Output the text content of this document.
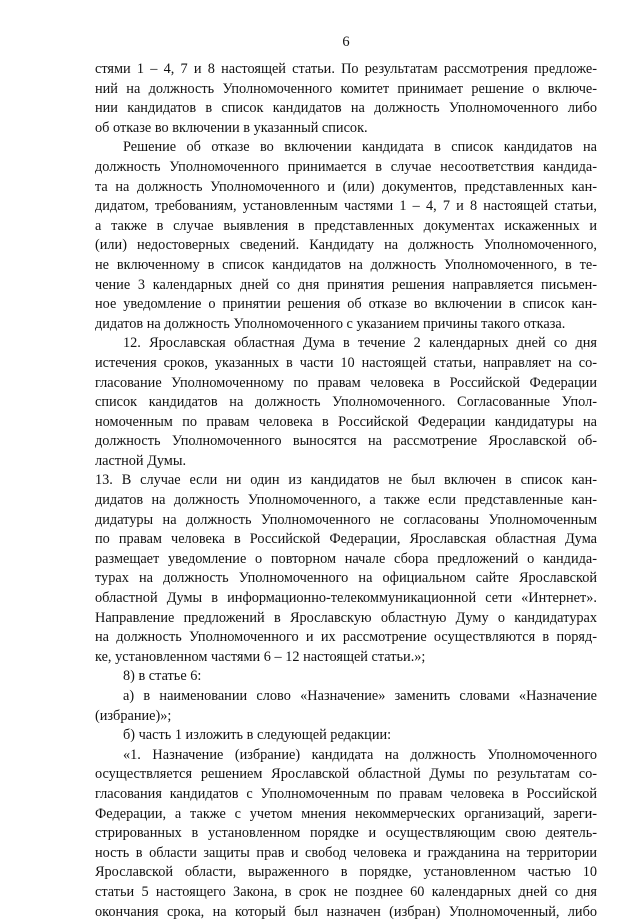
6
стями 1 – 4, 7 и 8 настоящей статьи. По результатам рассмотрения предложе-
ний на должность Уполномоченного комитет принимает решение о включе-
нии кандидатов в список кандидатов на должность Уполномоченного либо
об отказе во включении в указанный список.
Решение об отказе во включении кандидата в список кандидатов на
должность Уполномоченного принимается в случае несоответствия кандида-
та на должность Уполномоченного и (или) документов, представленных кан-
дидатом, требованиям, установленным частями 1 – 4, 7 и 8 настоящей статьи,
а также в случае выявления в представленных документах искаженных и
(или) недостоверных сведений. Кандидату на должность Уполномоченного,
не включенному в список кандидатов на должность Уполномоченного, в те-
чение 3 календарных дней со дня принятия решения направляется письмен-
ное уведомление о принятии решения об отказе во включении в список кан-
дидатов на должность Уполномоченного с указанием причины такого отказа.
12. Ярославская областная Дума в течение 2 календарных дней со дня
истечения сроков, указанных в части 10 настоящей статьи, направляет на со-
гласование Уполномоченному по правам человека в Российской Федерации
список кандидатов на должность Уполномоченного. Согласованные Упол-
номоченным по правам человека в Российской Федерации кандидатуры на
должность Уполномоченного выносятся на рассмотрение Ярославской об-
ластной Думы.
13. В случае если ни один из кандидатов не был включен в список кан-
дидатов на должность Уполномоченного, а также если представленные кан-
дидатуры на должность Уполномоченного не согласованы Уполномоченным
по правам человека в Российской Федерации, Ярославская областная Дума
размещает уведомление о повторном начале сбора предложений о кандида-
турах на должность Уполномоченного на официальном сайте Ярославской
областной Думы в информационно-телекоммуникационной сети «Интернет».
Направление предложений в Ярославскую областную Думу о кандидатурах
на должность Уполномоченного и их рассмотрение осуществляются в поряд-
ке, установленном частями 6 – 12 настоящей статьи.»;
8) в статье 6:
а) в наименовании слово «Назначение» заменить словами «Назначение
(избрание)»;
б) часть 1 изложить в следующей редакции:
«1. Назначение (избрание) кандидата на должность Уполномоченного
осуществляется решением Ярославской областной Думы по результатам со-
гласования кандидатов с Уполномоченным по правам человека в Российской
Федерации, а также с учетом мнения некоммерческих организаций, зареги-
стрированных в установленном порядке и осуществляющим свою деятель-
ность в области защиты прав и свобод человека и гражданина на территории
Ярославской области, выраженного в порядке, установленном частью 10
статьи 5 настоящего Закона, в срок не позднее 60 календарных дней со дня
окончания срока, на который был назначен (избран) Уполномоченный, либо
